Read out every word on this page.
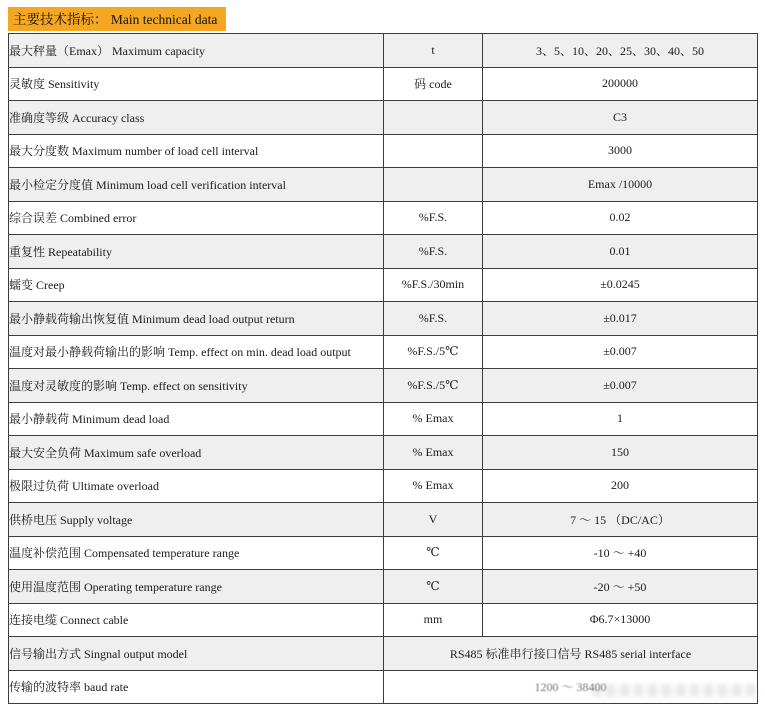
主要技术指标： Main technical data
最大秤量（Emax） Maximum capacity	t	3、5、10、20、25、30、40、50
灵敏度 Sensitivity	码 code	200000
准确度等级 Accuracy class		C3
最大分度数 Maximum number of load cell interval		3000
最小检定分度值 Minimum load cell verification interval		Emax /10000
综合误差 Combined error	%F.S.	0.02
重复性 Repeatability	%F.S.	0.01
蠕变 Creep	%F.S./30min	±0.0245
最小静载荷输出恢复值 Minimum dead load output return	%F.S.	±0.017
温度对最小静载荷输出的影响 Temp. effect on min. dead load output	%F.S./5℃	±0.007
温度对灵敏度的影响 Temp. effect on sensitivity	%F.S./5℃	±0.007
最小静载荷 Minimum dead load	% Emax	1
最大安全负荷 Maximum safe overload	% Emax	150
极限过负荷 Ultimate overload	% Emax	200
供桥电压 Supply voltage	V	7 ～ 15 （DC/AC）
温度补偿范围 Compensated temperature range	℃	-10 ～ +40
使用温度范围 Operating temperature range	℃	-20 ～ +50
连接电缆 Connect cable	mm	Φ6.7×13000
信号输出方式 Singnal output model	RS485 标准串行接口信号 RS485 serial interface	
传输的波特率 baud rate	1200 ～ 38400	
